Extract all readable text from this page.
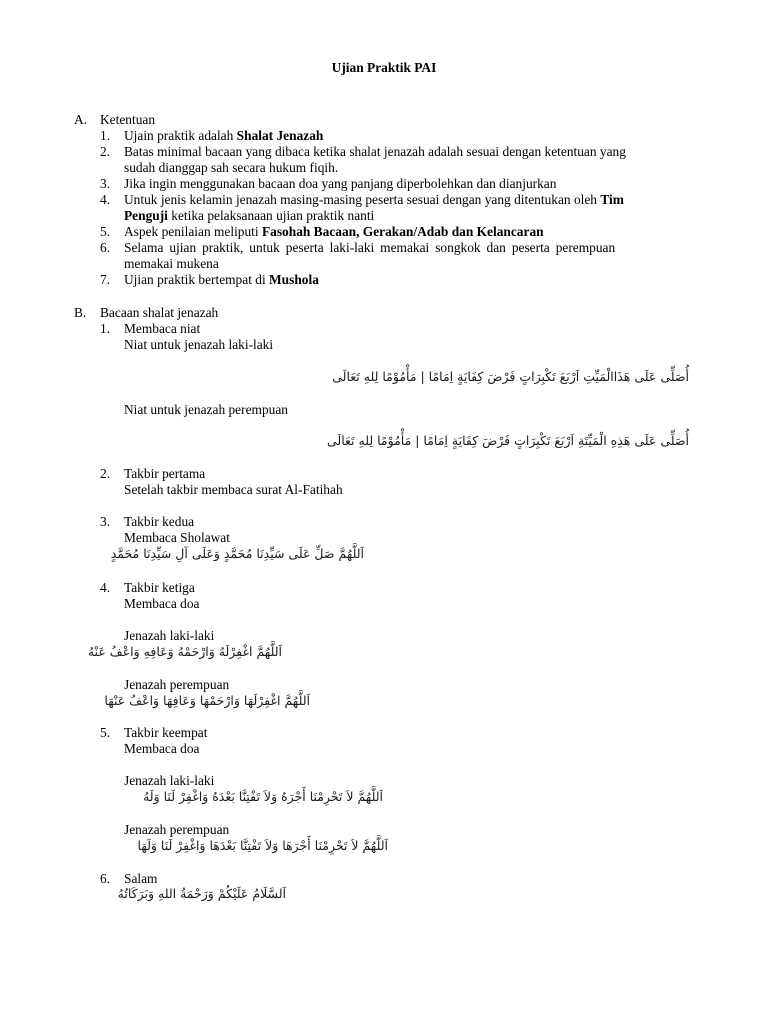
Ujian Praktik PAI
A. Ketentuan
1. Ujain praktik adalah Shalat Jenazah
2. Batas minimal bacaan yang dibaca ketika shalat jenazah adalah sesuai dengan ketentuan yang
sudah dianggap sah secara hukum fiqih.
3. Jika ingin menggunakan bacaan doa yang panjang diperbolehkan dan dianjurkan
4. Untuk jenis kelamin jenazah masing-masing peserta sesuai dengan yang ditentukan oleh Tim
Penguji ketika pelaksanaan ujian praktik nanti
5. Aspek penilaian meliputi Fasohah Bacaan, Gerakan/Adab dan Kelancaran
6. Selama ujian praktik, untuk peserta laki-laki memakai songkok dan peserta perempuan
memakai mukena
7. Ujian praktik bertempat di Mushola
B. Bacaan shalat jenazah
1. Membaca niat
Niat untuk jenazah laki-laki
أُصَلِّى عَلَى هَذَاالْمَيِّتِ اَرْبَعَ تَكْبِرَاتٍ فَرْضَ كِفَايَةٍ اِمَامًا | مَأْمُوْمًا لِلهِ تَعَالَى
Niat untuk jenazah perempuan
أُصَلِّى عَلَى هَذِهِ الْمَيِّتَةِ اَرْبَعَ تَكْبِرَاتٍ فَرْضَ كِفَايَةٍ اِمَامًا | مَأْمُوْمًا لِلهِ تَعَالَى
2. Takbir pertama
Setelah takbir membaca surat Al-Fatihah
3. Takbir kedua
Membaca Sholawat
اَللَّهُمَّ صَلِّ عَلَى سَيِّدِنَا مُحَمَّدٍ وَعَلَى آلِ سَيِّدِنَا مُحَمَّدٍ
4. Takbir ketiga
Membaca doa
Jenazah laki-laki
اَللَّهُمَّ اغْفِرْلَهُ وَارْحَمْهُ وَعَافِهِ وَاعْفُ عَنْهُ
Jenazah perempuan
اَللَّهُمَّ اغْفِرْلَهَا وَارْحَمْهَا وَعَافِهَا وَاعْفُ عَنْهَا
5. Takbir keempat
Membaca doa
Jenazah laki-laki
اَللَّهُمَّ لاَ تَحْرِمْنَا أَجْرَهُ وَلاَ تَفْتِنَّا بَعْدَهُ وَاغْفِرْ لَنَا وَلَهُ
Jenazah perempuan
اَللَّهُمَّ لاَ تَحْرِمْنَا أَجْرَهَا وَلاَ تَفْتِنَّا بَعْدَهَا وَاغْفِرْ لَنَا وَلَهَا
6. Salam
اَلسَّلَامُ عَلَيْكُمْ وَرَحْمَةُ اللهِ وَبَرَكَاتُهُ
